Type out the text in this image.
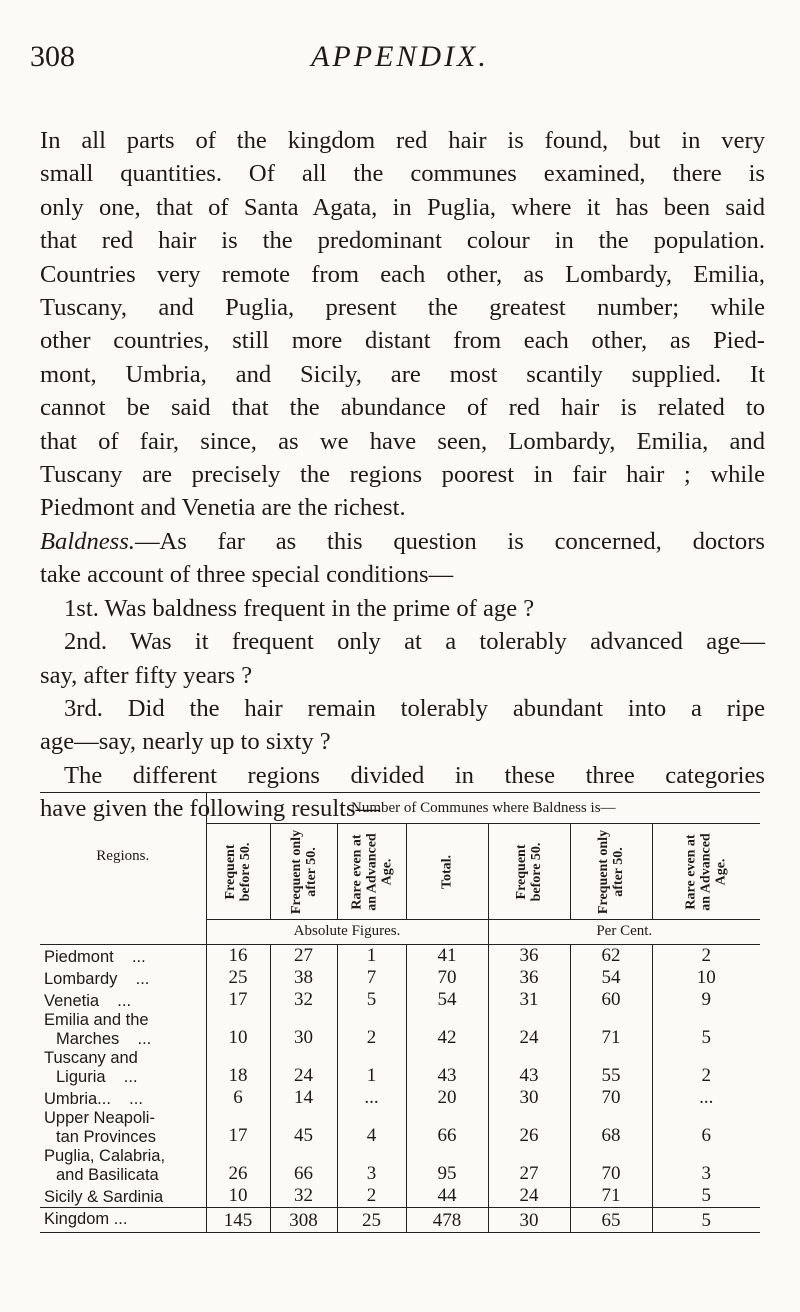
308	APPENDIX.

In all parts of the kingdom red hair is found, but in very

small quantities. Of all the communes examined, there is

only one, that of Santa Agata, in Puglia, where it has been said

that red hair is the predominant colour in the population.

Countries very remote from each other, as Lombardy, Emilia,

Tuscany, and Puglia, present the greatest number; while

other countries, still more distant from each other, as Pied-

mont, Umbria, and Sicily, are most scantily supplied. It

cannot be said that the abundance of red hair is related to

that of fair, since, as we have seen, Lombardy, Emilia, and

Tuscany are precisely the regions poorest in fair hair ; while

Piedmont and Venetia are the richest.

Baldness.—As far as this question is concerned, doctors

take account of three special conditions—

1st. Was baldness frequent in the prime of age ?

2nd. Was it frequent only at a tolerably advanced age—

say, after fifty years ?

3rd. Did the hair remain tolerably abundant into a ripe

age—say, nearly up to sixty ?

The different regions divided in these three categories

have given the following results—

Regions.	Number of Communes where Baldness is—						

	Frequent
before 50.	Frequent only
after 50.	Rare even at
an Advanced
Age.	Total.	Frequent
before 50.	Frequent only
after 50.	Rare even at
an Advanced
Age.

	Absolute Figures.				Per Cent.		

Piedmont ...	16	27	1	41	36	62	2

Lombardy ...	25	38	7	70	36	54	10

Venetia ...	17	32	5	54	31	60	9

Emilia and the
Marches ...	10	30	2	42	24	71	5

Tuscany and
Liguria ...	18	24	1	43	43	55	2

Umbria... ...	6	14	...	20	30	70	...

Upper Neapoli-
tan Provinces	17	45	4	66	26	68	6

Puglia, Calabria,
and Basilicata	26	66	3	95	27	70	3

Sicily & Sardinia	10	32	2	44	24	71	5
Kingdom ...	145	308	25	478	30	65	5
